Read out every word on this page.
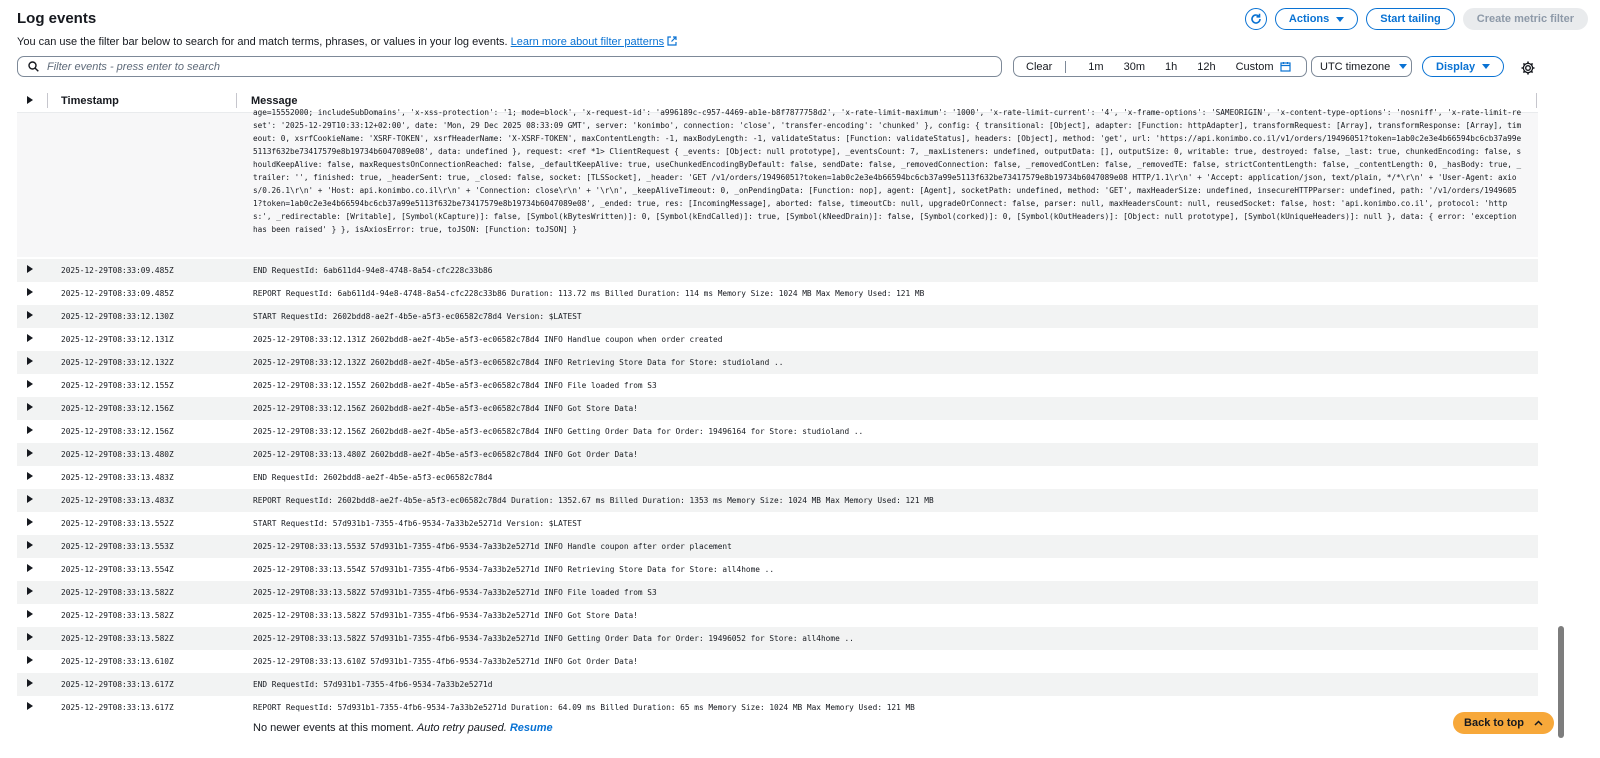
Log events
You can use the filter bar below to search for and match terms, phrases, or values in your log events. Learn more about filter patterns
Actions	Start tailing	Create metric filter
Filter events - press enter to search
Clear	1m	30m	1h	12h	Custom	UTC timezone	Display
Timestamp	Message
age=15552000; includeSubDomains', 'x-xss-protection': '1; mode=block', 'x-request-id': 'a996189c-c957-4469-ab1e-b8f7877758d2', 'x-rate-limit-maximum': '1000', 'x-rate-limit-current': '4', 'x-frame-options': 'SAMEORIGIN', 'x-content-type-options': 'nosniff', 'x-rate-limit-reset': '2025-12-29T10:33:12+02:00', date: 'Mon, 29 Dec 2025 08:33:09 GMT', server: 'konimbo', connection: 'close', 'transfer-encoding': 'chunked' }, config: { transitional: [Object], adapter: [Function: httpAdapter], transformRequest: [Array], transformResponse: [Array], timeout: 0, xsrfCookieName: 'XSRF-TOKEN', xsrfHeaderName: 'X-XSRF-TOKEN', maxContentLength: -1, maxBodyLength: -1, validateStatus: [Function: validateStatus], headers: [Object], method: 'get', url: 'https://api.konimbo.co.il/v1/orders/19496051?token=1ab0c2e3e4b66594bc6cb37a99e5113f632be73417579e8b19734b6047089e08', data: undefined }, request: <ref *1> ClientRequest { _events: [Object: null prototype], _eventsCount: 7, _maxListeners: undefined, outputData: [], outputSize: 0, writable: true, destroyed: false, _last: true, chunkedEncoding: false, shouldKeepAlive: false, maxRequestsOnConnectionReached: false, _defaultKeepAlive: true, useChunkedEncodingByDefault: false, sendDate: false, _removedConnection: false, _removedContLen: false, _removedTE: false, strictContentLength: false, _contentLength: 0, _hasBody: true, _trailer: '', finished: true, _headerSent: true, _closed: false, socket: [TLSSocket], _header: 'GET /v1/orders/19496051?token=1ab0c2e3e4b66594bc6cb37a99e5113f632be73417579e8b19734b6047089e08 HTTP/1.1\r\n' + 'Accept: application/json, text/plain, */*\r\n' + 'User-Agent: axios/0.26.1\r\n' + 'Host: api.konimbo.co.il\r\n' + 'Connection: close\r\n' + '\r\n', _keepAliveTimeout: 0, _onPendingData: [Function: nop], agent: [Agent], socketPath: undefined, method: 'GET', maxHeaderSize: undefined, insecureHTTPParser: undefined, path: '/v1/orders/19496051?token=1ab0c2e3e4b66594bc6cb37a99e5113f632be73417579e8b19734b6047089e08', _ended: true, res: [IncomingMessage], aborted: false, timeoutCb: null, upgradeOrConnect: false, parser: null, maxHeadersCount: null, reusedSocket: false, host: 'api.konimbo.co.il', protocol: 'https:', _redirectable: [Writable], [Symbol(kCapture)]: false, [Symbol(kBytesWritten)]: 0, [Symbol(kEndCalled)]: true, [Symbol(kNeedDrain)]: false, [Symbol(corked)]: 0, [Symbol(kOutHeaders)]: [Object: null prototype], [Symbol(kUniqueHeaders)]: null }, data: { error: 'exception has been raised' } }, isAxiosError: true, toJSON: [Function: toJSON] }
2025-12-29T08:33:09.485Z	END RequestId: 6ab611d4-94e8-4748-8a54-cfc228c33b86
2025-12-29T08:33:09.485Z	REPORT RequestId: 6ab611d4-94e8-4748-8a54-cfc228c33b86 Duration: 113.72 ms Billed Duration: 114 ms Memory Size: 1024 MB Max Memory Used: 121 MB
2025-12-29T08:33:12.130Z	START RequestId: 2602bdd8-ae2f-4b5e-a5f3-ec06582c78d4 Version: $LATEST
2025-12-29T08:33:12.131Z	2025-12-29T08:33:12.131Z 2602bdd8-ae2f-4b5e-a5f3-ec06582c78d4 INFO Handlue coupon when order created
2025-12-29T08:33:12.132Z	2025-12-29T08:33:12.132Z 2602bdd8-ae2f-4b5e-a5f3-ec06582c78d4 INFO Retrieving Store Data for Store: studioland ..
2025-12-29T08:33:12.155Z	2025-12-29T08:33:12.155Z 2602bdd8-ae2f-4b5e-a5f3-ec06582c78d4 INFO File loaded from S3
2025-12-29T08:33:12.156Z	2025-12-29T08:33:12.156Z 2602bdd8-ae2f-4b5e-a5f3-ec06582c78d4 INFO Got Store Data!
2025-12-29T08:33:12.156Z	2025-12-29T08:33:12.156Z 2602bdd8-ae2f-4b5e-a5f3-ec06582c78d4 INFO Getting Order Data for Order: 19496164 for Store: studioland ..
2025-12-29T08:33:13.480Z	2025-12-29T08:33:13.480Z 2602bdd8-ae2f-4b5e-a5f3-ec06582c78d4 INFO Got Order Data!
2025-12-29T08:33:13.483Z	END RequestId: 2602bdd8-ae2f-4b5e-a5f3-ec06582c78d4
2025-12-29T08:33:13.483Z	REPORT RequestId: 2602bdd8-ae2f-4b5e-a5f3-ec06582c78d4 Duration: 1352.67 ms Billed Duration: 1353 ms Memory Size: 1024 MB Max Memory Used: 121 MB
2025-12-29T08:33:13.552Z	START RequestId: 57d931b1-7355-4fb6-9534-7a33b2e5271d Version: $LATEST
2025-12-29T08:33:13.553Z	2025-12-29T08:33:13.553Z 57d931b1-7355-4fb6-9534-7a33b2e5271d INFO Handle coupon after order placement
2025-12-29T08:33:13.554Z	2025-12-29T08:33:13.554Z 57d931b1-7355-4fb6-9534-7a33b2e5271d INFO Retrieving Store Data for Store: all4home ..
2025-12-29T08:33:13.582Z	2025-12-29T08:33:13.582Z 57d931b1-7355-4fb6-9534-7a33b2e5271d INFO File loaded from S3
2025-12-29T08:33:13.582Z	2025-12-29T08:33:13.582Z 57d931b1-7355-4fb6-9534-7a33b2e5271d INFO Got Store Data!
2025-12-29T08:33:13.582Z	2025-12-29T08:33:13.582Z 57d931b1-7355-4fb6-9534-7a33b2e5271d INFO Getting Order Data for Order: 19496052 for Store: all4home ..
2025-12-29T08:33:13.610Z	2025-12-29T08:33:13.610Z 57d931b1-7355-4fb6-9534-7a33b2e5271d INFO Got Order Data!
2025-12-29T08:33:13.617Z	END RequestId: 57d931b1-7355-4fb6-9534-7a33b2e5271d
2025-12-29T08:33:13.617Z	REPORT RequestId: 57d931b1-7355-4fb6-9534-7a33b2e5271d Duration: 64.09 ms Billed Duration: 65 ms Memory Size: 1024 MB Max Memory Used: 121 MB
No newer events at this moment. Auto retry paused. Resume	Back to top
